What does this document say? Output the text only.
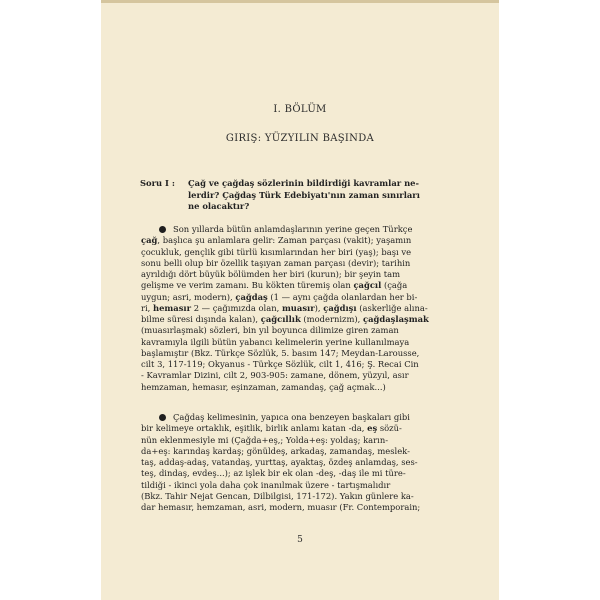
I. BÖLÜM
GIRIŞ: YÜZYILIN BAŞINDA
Soru I :	Çağ ve çağdaş sözlerinin bildirdiği kavramlar ne-
lerdir? Çağdaş Türk Edebiyatı'nın zaman sınırları
ne olacaktır?
Son yıllarda bütün anlamdaşlarının yerine geçen Türkçe
çağ, başlıca şu anlamlara gelir: Zaman parçası (vakit); yaşamın
çocukluk, gençlik gibi türlü kısımlarından her biri (yaş); başı ve
sonu belli olup bir özellik taşıyan zaman parçası (devir); tarihin
ayrıldığı dört büyük bölümden her biri (kurun); bir şeyin tam
gelişme ve verim zamanı. Bu kökten türemiş olan çağcıl (çağa
uygun; asri, modern), çağdaş (1 — aynı çağda olanlardan her bi-
ri, hemasır 2 — çağımızda olan, muasır), çağdışı (askerliğe alına-
bilme süresi dışında kalan), çağcıllık (modernizm), çağdaşlaşmak
(muasırlaşmak) sözleri, bin yıl boyunca dilimize giren zaman
kavramıyla ilgili bütün yabancı kelimelerin yerine kullanılmaya
başlamıştır (Bkz. Türkçe Sözlük, 5. basım 147; Meydan-Larousse,
cilt 3, 117-119; Okyanus - Türkçe Sözlük, cilt 1, 416; Ş. Recai Cin
- Kavramlar Dizini, cilt 2, 903-905: zamane, dönem, yüzyıl, asır
hemzaman, hemasır, eşinzaman, zamandaş, çağ açmak...)
Çağdaş kelimesinin, yapıca ona benzeyen başkaları gibi
bir kelimeye ortaklık, eşitlik, birlik anlamı katan -da, eş sözü-
nün eklenmesiyle mi (Çağda+eş,; Yolda+eş: yoldaş; karın-
da+eş: karındaş kardaş; gönüldeş, arkadaş, zamandaş, meslek-
taş, addaş-adaş, vatandaş, yurttaş, ayaktaş, özdeş anlamdaş, ses-
teş, dindaş, evdeş...); az işlek bir ek olan -deş, -daş ile mi türe-
tildiği - ikinci yola daha çok inanılmak üzere - tartışmalıdır
(Bkz. Tahir Nejat Gencan, Dilbilgisi, 171-172). Yakın günlere ka-
dar hemasır, hemzaman, asri, modern, muasır (Fr. Contemporain;
5
